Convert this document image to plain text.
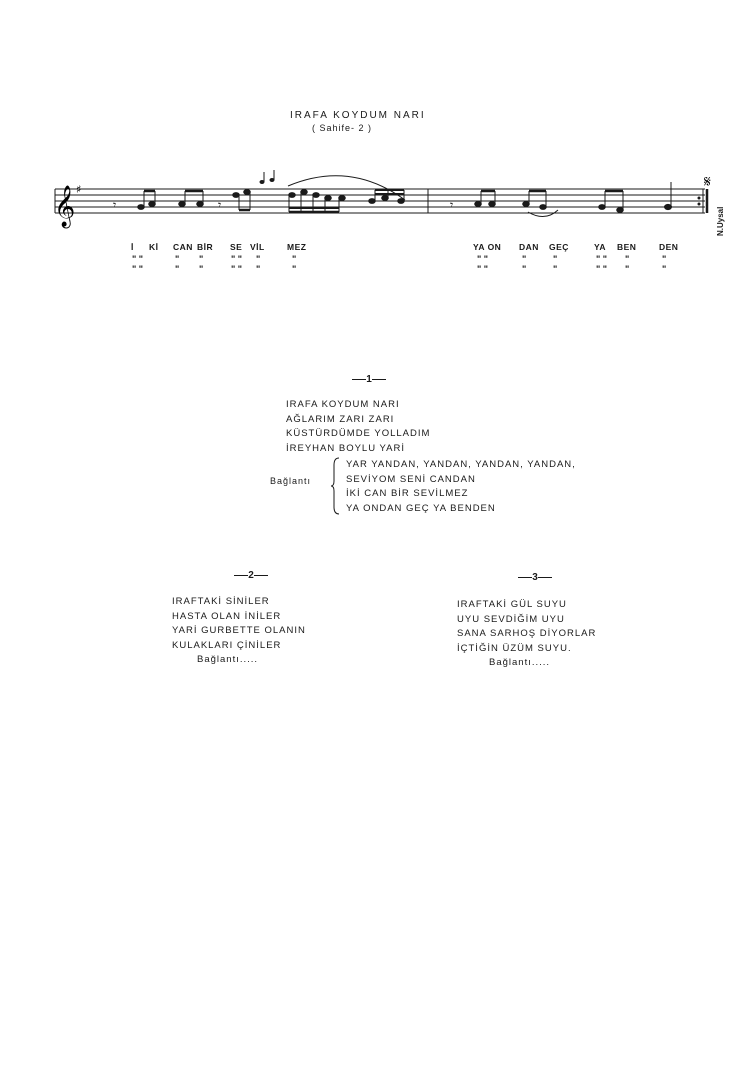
IRAFA KOYDUM NARI
( Sahife- 2 )
𝄞 ♯
𝄾	𝄾	𝄾
𝄋
İ Kİ CAN BİR SE VİL	MEZ	YA ON DAN GEÇ	YA BEN	DEN
" "	" "	" " "	"
" "	" "	" " "	"
" "	"	"	" " "	"
" "	"	"	" " "	"
N.Uysal
1
IRAFA KOYDUM NARI
AĞLARIM ZARI ZARI
KÜSTÜRDÜMDE YOLLADIM
İREYHAN BOYLU YARİ
Bağlantı
YAR YANDAN, YANDAN, YANDAN, YANDAN,
SEVİYOM SENİ CANDAN
İKİ CAN BİR SEVİLMEZ
YA ONDAN GEÇ YA BENDEN
2
IRAFTAKİ SİNİLER
HASTA OLAN İNİLER
YARİ GURBETTE OLANIN
KULAKLARI ÇİNİLER
Bağlantı.....
3
IRAFTAKİ GÜL SUYU
UYU SEVDİĞİM UYU
SANA SARHOŞ DİYORLAR
İÇTİĞİN ÜZÜM SUYU.
Bağlantı.....
